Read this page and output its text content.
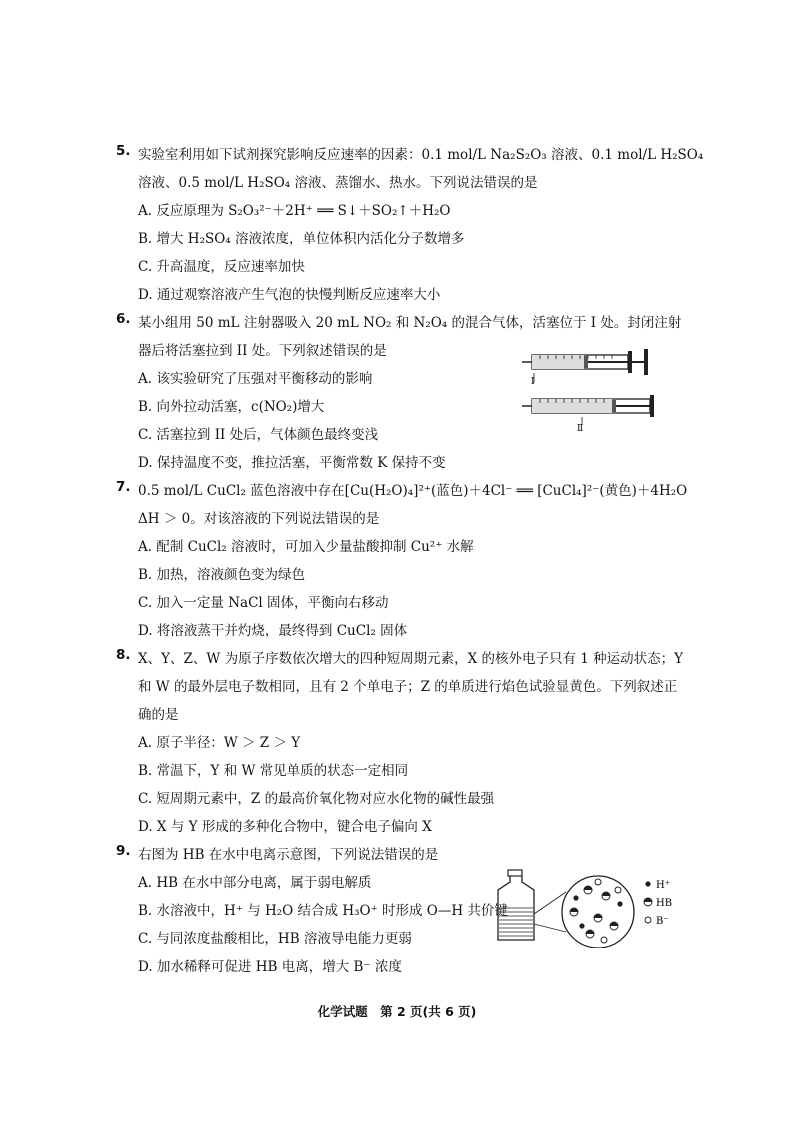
5. 实验室利用如下试剂探究影响反应速率的因素：0.1 mol/L Na₂S₂O₃ 溶液、0.1 mol/L H₂SO₄
溶液、0.5 mol/L H₂SO₄ 溶液、蒸馏水、热水。下列说法错误的是
A. 反应原理为 S₂O₃²⁻＋2H⁺ ══ S↓＋SO₂↑＋H₂O
B. 增大 H₂SO₄ 溶液浓度，单位体积内活化分子数增多
C. 升高温度，反应速率加快
D. 通过观察溶液产生气泡的快慢判断反应速率大小
6. 某小组用 50 mL 注射器吸入 20 mL NO₂ 和 N₂O₄ 的混合气体，活塞位于 I 处。封闭注射
器后将活塞拉到 II 处。下列叙述错误的是
A. 该实验研究了压强对平衡移动的影响
B. 向外拉动活塞，c(NO₂)增大
C. 活塞拉到 II 处后，气体颜色最终变浅
D. 保持温度不变，推拉活塞，平衡常数 K 保持不变
Ⅰ
Ⅱ
7. 0.5 mol/L CuCl₂ 蓝色溶液中存在[Cu(H₂O)₄]²⁺(蓝色)＋4Cl⁻ ══ [CuCl₄]²⁻(黄色)＋4H₂O
ΔH ＞ 0。对该溶液的下列说法错误的是
A. 配制 CuCl₂ 溶液时，可加入少量盐酸抑制 Cu²⁺ 水解
B. 加热，溶液颜色变为绿色
C. 加入一定量 NaCl 固体，平衡向右移动
D. 将溶液蒸干并灼烧，最终得到 CuCl₂ 固体
8. X、Y、Z、W 为原子序数依次增大的四种短周期元素，X 的核外电子只有 1 种运动状态；Y
和 W 的最外层电子数相同，且有 2 个单电子；Z 的单质进行焰色试验显黄色。下列叙述正
确的是
A. 原子半径：W ＞ Z ＞ Y
B. 常温下，Y 和 W 常见单质的状态一定相同
C. 短周期元素中，Z 的最高价氧化物对应水化物的碱性最强
D. X 与 Y 形成的多种化合物中，键合电子偏向 X
9. 右图为 HB 在水中电离示意图，下列说法错误的是
A. HB 在水中部分电离，属于弱电解质
B. 水溶液中，H⁺ 与 H₂O 结合成 H₃O⁺ 时形成 O—H 共价键
C. 与同浓度盐酸相比，HB 溶液导电能力更弱
D. 加水稀释可促进 HB 电离，增大 B⁻ 浓度
H⁺
HB
B⁻
化学试题　第 2 页(共 6 页)
